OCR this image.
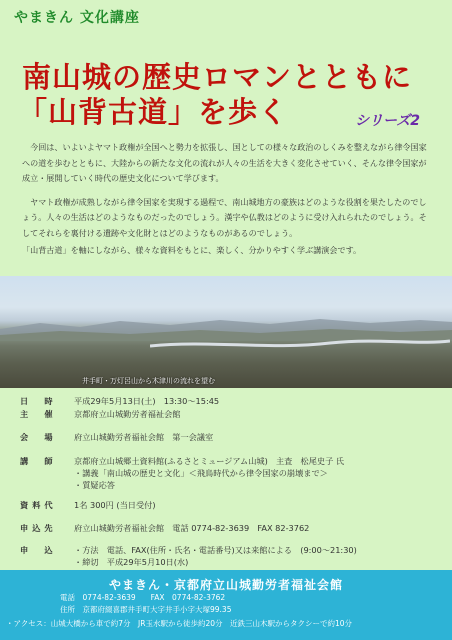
やまきん 文化講座
南山城の歴史ロマンとともに
「山背古道」を歩く	シリーズ2

今回は、いよいよヤマト政権が全国へと勢力を拡張し、国としての様々な政治のしくみを整えながら律令国家への道を歩むとともに、大陸からの新たな文化の流れが人々の生活を大きく変化させていく、そんな律令国家が成立・展開していく時代の歴史文化について学びます。

ヤマト政権が成熟しながら律令国家を実現する過程で、南山城地方の豪族はどのような役割を果たしたのでしょう。人々の生活はどのようなものだったのでしょう。漢字や仏教はどのように受け入れられたのでしょう。そしてそれらを裏付ける遺跡や文化財とはどのようなものがあるのでしょう。

「山背古道」を軸にしながら、様々な資料をもとに、楽しく、分かりやすく学ぶ講演会です。

井手町・万灯呂山から木津川の流れを望む
日　時	平成29年5月13日(土)　13:30～15:45
主　催	京都府立山城勤労者福祉会館
会　場	府立山城勤労者福祉会館　第一会議室
講　師	京都府立山城郷土資料館(ふるさとミュージアム山城)　主査　松尾史子 氏
・講義「南山城の歴史と文化」＜飛鳥時代から律令国家の崩壊まで＞
・質疑応答
資料代	1名 300円 (当日受付)
申込先	府立山城勤労者福祉会館　電話 0774-82-3639　FAX 82-3762
申　込	・方法　電話、FAX(住所・氏名・電話番号)又は来館による　(9:00～21:30)
・締切　平成29年5月10日(水)
やまきん・京都府立山城勤労者福祉会館
電話　0774-82-3639　　FAX　0774-82-3762
住所　京都府綴喜郡井手町大字井手小字大塚99.35
・アクセス：山城大橋から車で約7分　JR玉水駅から徒歩約20分　近鉄三山木駅からタクシーで約10分
